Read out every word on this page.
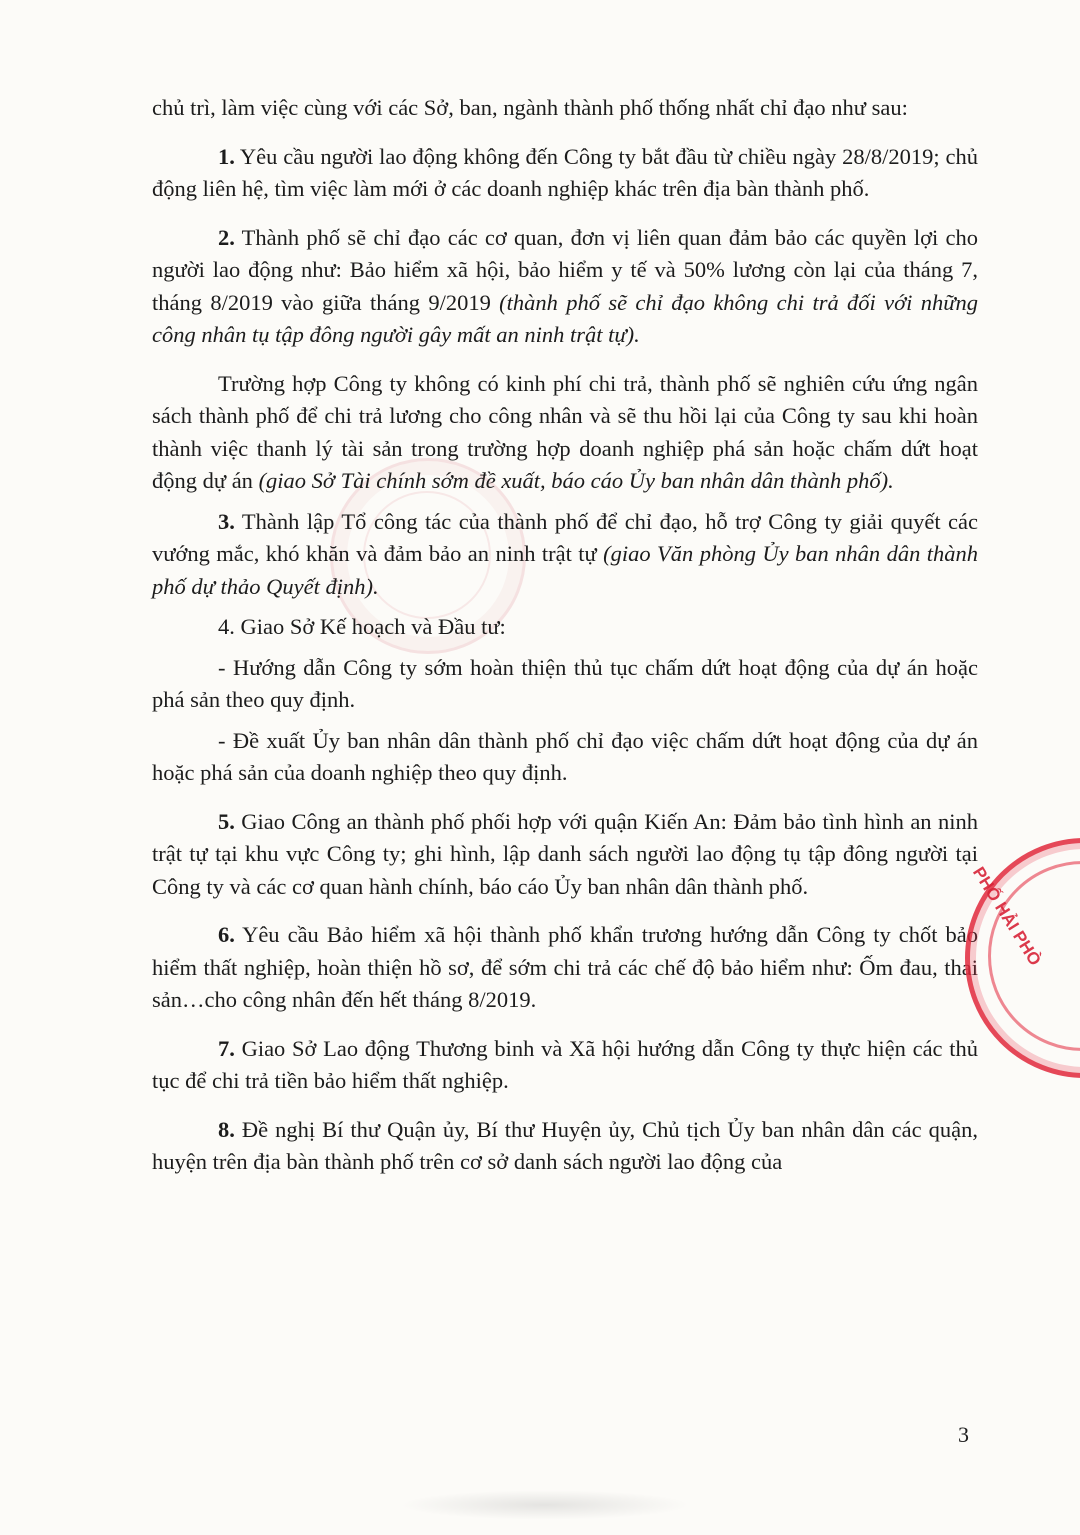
chủ trì, làm việc cùng với các Sở, ban, ngành thành phố thống nhất chỉ đạo như sau:

1. Yêu cầu người lao động không đến Công ty bắt đầu từ chiều ngày 28/8/2019; chủ động liên hệ, tìm việc làm mới ở các doanh nghiệp khác trên địa bàn thành phố.

2. Thành phố sẽ chỉ đạo các cơ quan, đơn vị liên quan đảm bảo các quyền lợi cho người lao động như: Bảo hiểm xã hội, bảo hiểm y tế và 50% lương còn lại của tháng 7, tháng 8/2019 vào giữa tháng 9/2019 (thành phố sẽ chỉ đạo không chi trả đối với những công nhân tụ tập đông người gây mất an ninh trật tự).

Trường hợp Công ty không có kinh phí chi trả, thành phố sẽ nghiên cứu ứng ngân sách thành phố để chi trả lương cho công nhân và sẽ thu hồi lại của Công ty sau khi hoàn thành việc thanh lý tài sản trong trường hợp doanh nghiệp phá sản hoặc chấm dứt hoạt động dự án (giao Sở Tài chính sớm đề xuất, báo cáo Ủy ban nhân dân thành phố).

3. Thành lập Tổ công tác của thành phố để chỉ đạo, hỗ trợ Công ty giải quyết các vướng mắc, khó khăn và đảm bảo an ninh trật tự (giao Văn phòng Ủy ban nhân dân thành phố dự thảo Quyết định).

4. Giao Sở Kế hoạch và Đầu tư:

- Hướng dẫn Công ty sớm hoàn thiện thủ tục chấm dứt hoạt động của dự án hoặc phá sản theo quy định.

- Đề xuất Ủy ban nhân dân thành phố chỉ đạo việc chấm dứt hoạt động của dự án hoặc phá sản của doanh nghiệp theo quy định.

5. Giao Công an thành phố phối hợp với quận Kiến An: Đảm bảo tình hình an ninh trật tự tại khu vực Công ty; ghi hình, lập danh sách người lao động tụ tập đông người tại Công ty và các cơ quan hành chính, báo cáo Ủy ban nhân dân thành phố.

6. Yêu cầu Bảo hiểm xã hội thành phố khẩn trương hướng dẫn Công ty chốt bảo hiểm thất nghiệp, hoàn thiện hồ sơ, để sớm chi trả các chế độ bảo hiểm như: Ốm đau, thai sản…cho công nhân đến hết tháng 8/2019.

7. Giao Sở Lao động Thương binh và Xã hội hướng dẫn Công ty thực hiện các thủ tục để chi trả tiền bảo hiểm thất nghiệp.

8. Đề nghị Bí thư Quận ủy, Bí thư Huyện ủy, Chủ tịch Ủy ban nhân dân các quận, huyện trên địa bàn thành phố trên cơ sở danh sách người lao động của

PHỐ HẢI PHÒ
3
